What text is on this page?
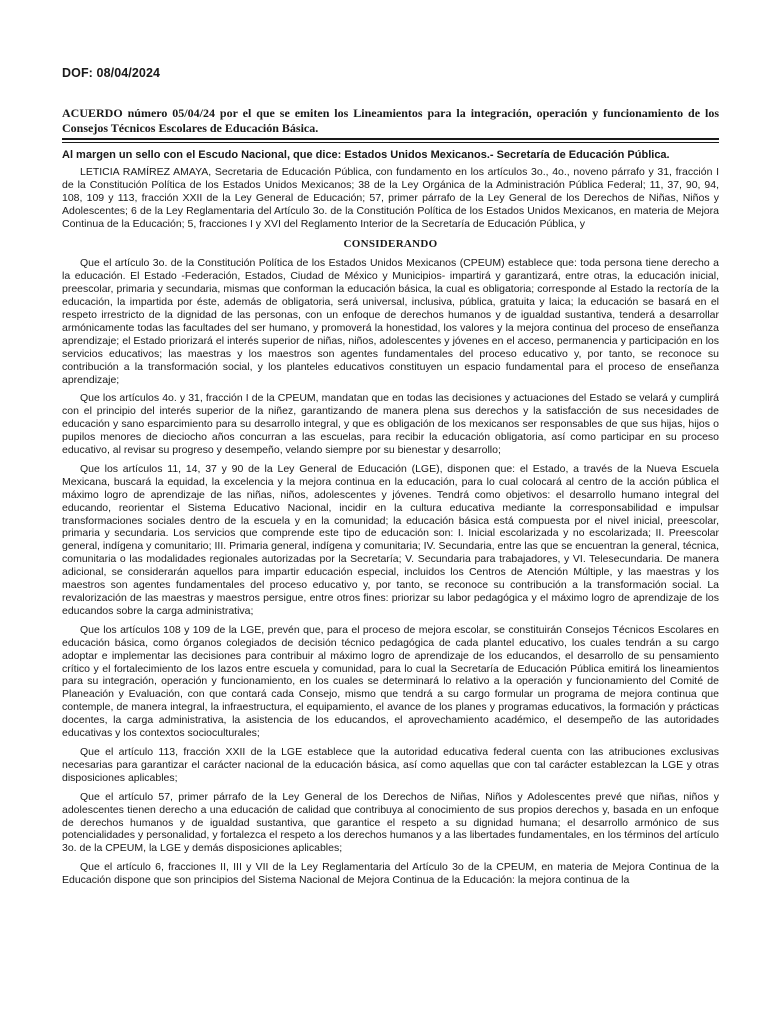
DOF: 08/04/2024
ACUERDO número 05/04/24 por el que se emiten los Lineamientos para la integración, operación y funcionamiento de los Consejos Técnicos Escolares de Educación Básica.

Al margen un sello con el Escudo Nacional, que dice: Estados Unidos Mexicanos.- Secretaría de Educación Pública.

LETICIA RAMÍREZ AMAYA, Secretaria de Educación Pública, con fundamento en los artículos 3o., 4o., noveno párrafo y 31, fracción I de la Constitución Política de los Estados Unidos Mexicanos; 38 de la Ley Orgánica de la Administración Pública Federal; 11, 37, 90, 94, 108, 109 y 113, fracción XXII de la Ley General de Educación; 57, primer párrafo de la Ley General de los Derechos de Niñas, Niños y Adolescentes; 6 de la Ley Reglamentaria del Artículo 3o. de la Constitución Política de los Estados Unidos Mexicanos, en materia de Mejora Continua de la Educación; 5, fracciones I y XVI del Reglamento Interior de la Secretaría de Educación Pública, y

CONSIDERANDO

Que el artículo 3o. de la Constitución Política de los Estados Unidos Mexicanos (CPEUM) establece que: toda persona tiene derecho a la educación. El Estado -Federación, Estados, Ciudad de México y Municipios- impartirá y garantizará, entre otras, la educación inicial, preescolar, primaria y secundaria, mismas que conforman la educación básica, la cual es obligatoria; corresponde al Estado la rectoría de la educación, la impartida por éste, además de obligatoria, será universal, inclusiva, pública, gratuita y laica; la educación se basará en el respeto irrestricto de la dignidad de las personas, con un enfoque de derechos humanos y de igualdad sustantiva, tenderá a desarrollar armónicamente todas las facultades del ser humano, y promoverá la honestidad, los valores y la mejora continua del proceso de enseñanza aprendizaje; el Estado priorizará el interés superior de niñas, niños, adolescentes y jóvenes en el acceso, permanencia y participación en los servicios educativos; las maestras y los maestros son agentes fundamentales del proceso educativo y, por tanto, se reconoce su contribución a la transformación social, y los planteles educativos constituyen un espacio fundamental para el proceso de enseñanza aprendizaje;

Que los artículos 4o. y 31, fracción I de la CPEUM, mandatan que en todas las decisiones y actuaciones del Estado se velará y cumplirá con el principio del interés superior de la niñez, garantizando de manera plena sus derechos y la satisfacción de sus necesidades de educación y sano esparcimiento para su desarrollo integral, y que es obligación de los mexicanos ser responsables de que sus hijas, hijos o pupilos menores de dieciocho años concurran a las escuelas, para recibir la educación obligatoria, así como participar en su proceso educativo, al revisar su progreso y desempeño, velando siempre por su bienestar y desarrollo;

Que los artículos 11, 14, 37 y 90 de la Ley General de Educación (LGE), disponen que: el Estado, a través de la Nueva Escuela Mexicana, buscará la equidad, la excelencia y la mejora continua en la educación, para lo cual colocará al centro de la acción pública el máximo logro de aprendizaje de las niñas, niños, adolescentes y jóvenes. Tendrá como objetivos: el desarrollo humano integral del educando, reorientar el Sistema Educativo Nacional, incidir en la cultura educativa mediante la corresponsabilidad e impulsar transformaciones sociales dentro de la escuela y en la comunidad; la educación básica está compuesta por el nivel inicial, preescolar, primaria y secundaria. Los servicios que comprende este tipo de educación son: I. Inicial escolarizada y no escolarizada; II. Preescolar general, indígena y comunitario; III. Primaria general, indígena y comunitaria; IV. Secundaria, entre las que se encuentran la general, técnica, comunitaria o las modalidades regionales autorizadas por la Secretaría; V. Secundaria para trabajadores, y VI. Telesecundaria. De manera adicional, se considerarán aquellos para impartir educación especial, incluidos los Centros de Atención Múltiple, y las maestras y los maestros son agentes fundamentales del proceso educativo y, por tanto, se reconoce su contribución a la transformación social. La revalorización de las maestras y maestros persigue, entre otros fines: priorizar su labor pedagógica y el máximo logro de aprendizaje de los educandos sobre la carga administrativa;

Que los artículos 108 y 109 de la LGE, prevén que, para el proceso de mejora escolar, se constituirán Consejos Técnicos Escolares en educación básica, como órganos colegiados de decisión técnico pedagógica de cada plantel educativo, los cuales tendrán a su cargo adoptar e implementar las decisiones para contribuir al máximo logro de aprendizaje de los educandos, el desarrollo de su pensamiento crítico y el fortalecimiento de los lazos entre escuela y comunidad, para lo cual la Secretaría de Educación Pública emitirá los lineamientos para su integración, operación y funcionamiento, en los cuales se determinará lo relativo a la operación y funcionamiento del Comité de Planeación y Evaluación, con que contará cada Consejo, mismo que tendrá a su cargo formular un programa de mejora continua que contemple, de manera integral, la infraestructura, el equipamiento, el avance de los planes y programas educativos, la formación y prácticas docentes, la carga administrativa, la asistencia de los educandos, el aprovechamiento académico, el desempeño de las autoridades educativas y los contextos socioculturales;

Que el artículo 113, fracción XXII de la LGE establece que la autoridad educativa federal cuenta con las atribuciones exclusivas necesarias para garantizar el carácter nacional de la educación básica, así como aquellas que con tal carácter establezcan la LGE y otras disposiciones aplicables;

Que el artículo 57, primer párrafo de la Ley General de los Derechos de Niñas, Niños y Adolescentes prevé que niñas, niños y adolescentes tienen derecho a una educación de calidad que contribuya al conocimiento de sus propios derechos y, basada en un enfoque de derechos humanos y de igualdad sustantiva, que garantice el respeto a su dignidad humana; el desarrollo armónico de sus potencialidades y personalidad, y fortalezca el respeto a los derechos humanos y a las libertades fundamentales, en los términos del artículo 3o. de la CPEUM, la LGE y demás disposiciones aplicables;

Que el artículo 6, fracciones II, III y VII de la Ley Reglamentaria del Artículo 3o de la CPEUM, en materia de Mejora Continua de la Educación dispone que son principios del Sistema Nacional de Mejora Continua de la Educación: la mejora continua de la
